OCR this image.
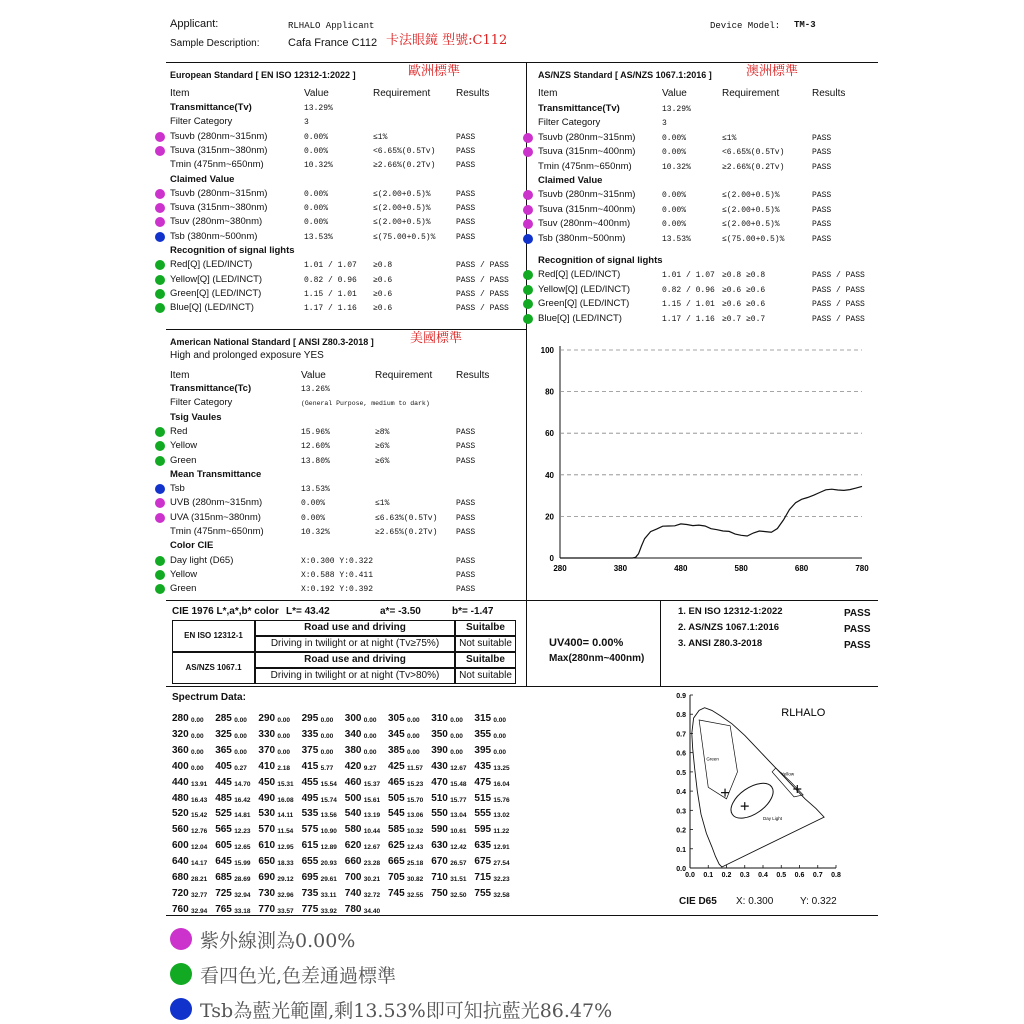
Applicant:	RLHALO Applicant	Device Model: TM-3
Sample Description:	Cafa France C112 卡法眼鏡 型號:C112
European Standard [ EN ISO 12312-1:2022 ]	歐洲標準
Item	Value	Requirement	Results
Transmittance(Tv)	13.29%
Filter Category	3
Tsuvb (280nm~315nm)	0.00%	≤1%	PASS
Tsuva (315nm~380nm)	0.00%	<6.65%(0.5Tv)	PASS
Tmin (475nm~650nm)	10.32%	≥2.66%(0.2Tv)	PASS
Claimed Value
Tsuvb (280nm~315nm)	0.00%	≤(2.00+0.5)%	PASS
Tsuva (315nm~380nm)	0.00%	≤(2.00+0.5)%	PASS
Tsuv (280nm~380nm)	0.00%	≤(2.00+0.5)%	PASS
Tsb (380nm~500nm)	13.53%	≤(75.00+0.5)%	PASS
Recognition of signal lights
Red[Q] (LED/INCT)	1.01 / 1.07 ≥0.8	PASS / PASS
Yellow[Q] (LED/INCT)	0.82 / 0.96 ≥0.6	PASS / PASS
Green[Q] (LED/INCT)	1.15 / 1.01 ≥0.6	PASS / PASS
Blue[Q] (LED/INCT)	1.17 / 1.16 ≥0.6	PASS / PASS
AS/NZS Standard [ AS/NZS 1067.1:2016 ]	澳洲標準
Item	Value	Requirement	Results
Transmittance(Tv)	13.29%
Filter Category	3
Tsuvb (280nm~315nm)	0.00%	≤1%	PASS
Tsuva (315nm~400nm)	0.00%	<6.65%(0.5Tv)	PASS
Tmin (475nm~650nm)	10.32%	≥2.66%(0.2Tv)	PASS
Claimed Value
Tsuvb (280nm~315nm)	0.00%	≤(2.00+0.5)%	PASS
Tsuva (315nm~400nm)	0.00%	≤(2.00+0.5)%	PASS
Tsuv (280nm~400nm)	0.00%	≤(2.00+0.5)%	PASS
Tsb (380nm~500nm)	13.53%	≤(75.00+0.5)%	PASS
Recognition of signal lights
Red[Q] (LED/INCT)	1.01 / 1.07 ≥0.8 ≥0.8	PASS / PASS
Yellow[Q] (LED/INCT)	0.82 / 0.96 ≥0.6 ≥0.6	PASS / PASS
Green[Q] (LED/INCT)	1.15 / 1.01 ≥0.6 ≥0.6	PASS / PASS
Blue[Q] (LED/INCT)	1.17 / 1.16 ≥0.7 ≥0.7	PASS / PASS
American National Standard [ ANSI Z80.3-2018 ]	美國標準
High and prolonged exposure YES
Item	Value	Requirement Results
Transmittance(Tc)	13.26%
Filter Category	(General Purpose, medium to dark)
Tsig Vaules
Red	15.96%	≥8%	PASS
Yellow	12.60%	≥6%	PASS
Green	13.80%	≥6%	PASS
Mean Transmittance
Tsb	13.53%
UVB (280nm~315nm)	0.00%	≤1%	PASS
UVA (315nm~380nm)	0.00%	≤6.63%(0.5Tv) PASS
Tmin (475nm~650nm)	10.32%	≥2.65%(0.2Tv) PASS
Color CIE
Day light (D65)	X:0.300 Y:0.322	PASS
Yellow	X:0.588 Y:0.411	PASS
Green	X:0.192 Y:0.392	PASS
0
20
40
60
80
100
280	380	480	580	680	780
CIE 1976 L*,a*,b* color L*= 43.42	a*= -3.50	b*= -1.47
EN ISO 12312-1
AS/NZS 1067.1
Road use and driving
Driving in twilight or at night (Tv≥75%)
Road use and driving
Driving in twilight or at night (Tv>80%)
Suitalbe
Not suitable
Suitalbe
Not suitable
UV400= 0.00%
Max(280nm~400nm)
1. EN ISO 12312-1:2022	PASS
2. AS/NZS 1067.1:2016	PASS
3. ANSI Z80.3-2018	PASS
Spectrum Data:
280 0.00 285 0.00 290 0.00 295 0.00 300 0.00 305 0.00 310 0.00 315 0.00
320 0.00 325 0.00 330 0.00 335 0.00 340 0.00 345 0.00 350 0.00 355 0.00
360 0.00 365 0.00 370 0.00 375 0.00 380 0.00 385 0.00 390 0.00 395 0.00
400 0.00 405 0.27 410 2.18 415 5.77 420 9.27 425 11.57 430 12.67 435 13.25
440 13.91 445 14.70 450 15.31 455 15.54 460 15.37 465 15.23 470 15.48 475 16.04
480 16.43 485 16.42 490 16.08 495 15.74 500 15.61 505 15.70 510 15.77 515 15.76
520 15.42 525 14.81 530 14.11 535 13.56 540 13.19 545 13.06 550 13.04 555 13.02
560 12.76 565 12.23 570 11.54 575 10.90 580 10.44 585 10.32 590 10.61 595 11.22
600 12.04 605 12.65 610 12.95 615 12.89 620 12.67 625 12.43 630 12.42 635 12.91
640 14.17 645 15.99 650 18.33 655 20.93 660 23.28 665 25.18 670 26.57 675 27.54
680 28.21 685 28.69 690 29.12 695 29.61 700 30.21 705 30.82 710 31.51 715 32.23
720 32.77 725 32.94 730 32.96 735 33.11 740 32.72 745 32.55 750 32.50 755 32.58
760 32.94 765 33.18 770 33.57 775 33.92 780 34.40
0.0
0.1
0.2
0.3
0.4
0.5
0.6
0.7
0.8
0.9
0.0 0.1 0.2 0.3 0.4 0.5 0.6 0.7 0.8
RLHALO
Green
Yellow
Day Light
CIE D65 X: 0.300	Y: 0.322
紫外線測為0.00%
看四色光,色差通過標準
Tsb為藍光範圍,剩13.53%即可知抗藍光86.47%
